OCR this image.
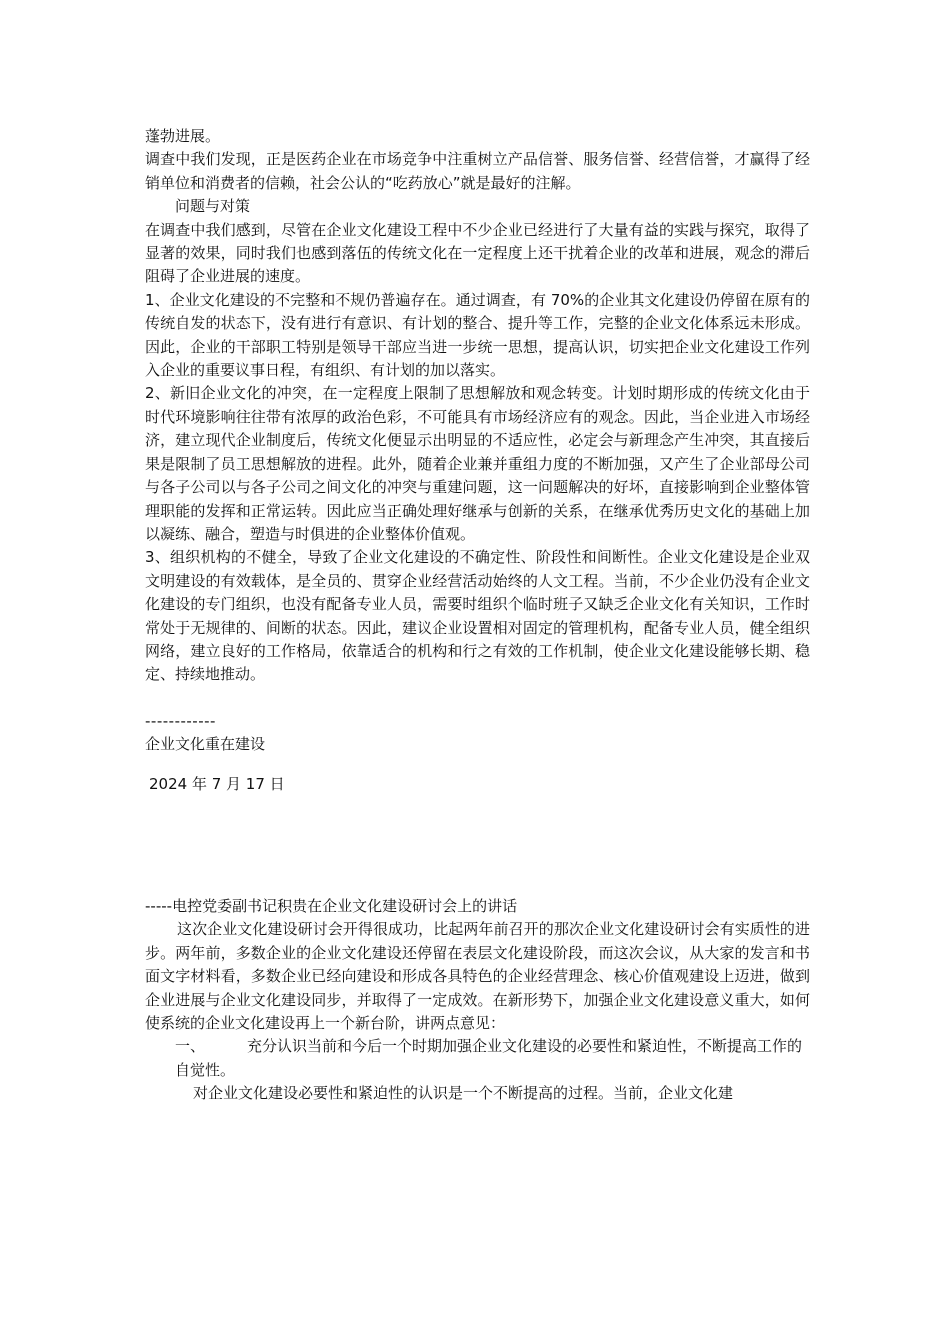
蓬勃进展。

调查中我们发现，正是医药企业在市场竞争中注重树立产品信誉、服务信誉、经营信誉，才赢得了经销单位和消费者的信赖，社会公认的“吃药放心”就是最好的注解。

问题与对策

在调查中我们感到，尽管在企业文化建设工程中不少企业已经进行了大量有益的实践与探究，取得了显著的效果，同时我们也感到落伍的传统文化在一定程度上还干扰着企业的改革和进展，观念的滞后阻碍了企业进展的速度。

1、企业文化建设的不完整和不规仍普遍存在。通过调查，有 70%的企业其文化建设仍停留在原有的传统自发的状态下，没有进行有意识、有计划的整合、提升等工作，完整的企业文化体系远未形成。因此，企业的干部职工特别是领导干部应当进一步统一思想，提高认识，切实把企业文化建设工作列入企业的重要议事日程，有组织、有计划的加以落实。

2、新旧企业文化的冲突，在一定程度上限制了思想解放和观念转变。计划时期形成的传统文化由于时代环境影响往往带有浓厚的政治色彩，不可能具有市场经济应有的观念。因此，当企业进入市场经济，建立现代企业制度后，传统文化便显示出明显的不适应性，必定会与新理念产生冲突，其直接后果是限制了员工思想解放的进程。此外，随着企业兼并重组力度的不断加强，又产生了企业部母公司与各子公司以与各子公司之间文化的冲突与重建问题，这一问题解决的好坏，直接影响到企业整体管理职能的发挥和正常运转。因此应当正确处理好继承与创新的关系，在继承优秀历史文化的基础上加以凝练、融合，塑造与时俱进的企业整体价值观。

3、组织机构的不健全，导致了企业文化建设的不确定性、阶段性和间断性。企业文化建设是企业双文明建设的有效载体，是全员的、贯穿企业经营活动始终的人文工程。当前，不少企业仍没有企业文化建设的专门组织，也没有配备专业人员，需要时组织个临时班子又缺乏企业文化有关知识，工作时常处于无规律的、间断的状态。因此，建议企业设置相对固定的管理机构，配备专业人员，健全组织网络，建立良好的工作格局，依靠适合的机构和行之有效的工作机制，使企业文化建设能够长期、稳定、持续地推动。

------------

企业文化重在建设

2024 年 7 月 17 日

-----电控党委副书记积贵在企业文化建设研讨会上的讲话

这次企业文化建设研讨会开得很成功，比起两年前召开的那次企业文化建设研讨会有实质性的进步。两年前，多数企业的企业文化建设还停留在表层文化建设阶段，而这次会议，从大家的发言和书面文字材料看，多数企业已经向建设和形成各具特色的企业经营理念、核心价值观建设上迈进，做到企业进展与企业文化建设同步，并取得了一定成效。在新形势下，加强企业文化建设意义重大，如何使系统的企业文化建设再上一个新台阶，讲两点意见：

一、	充分认识当前和今后一个时期加强企业文化建设的必要性和紧迫性，不断提高工作的自觉性。

对企业文化建设必要性和紧迫性的认识是一个不断提高的过程。当前，企业文化建
